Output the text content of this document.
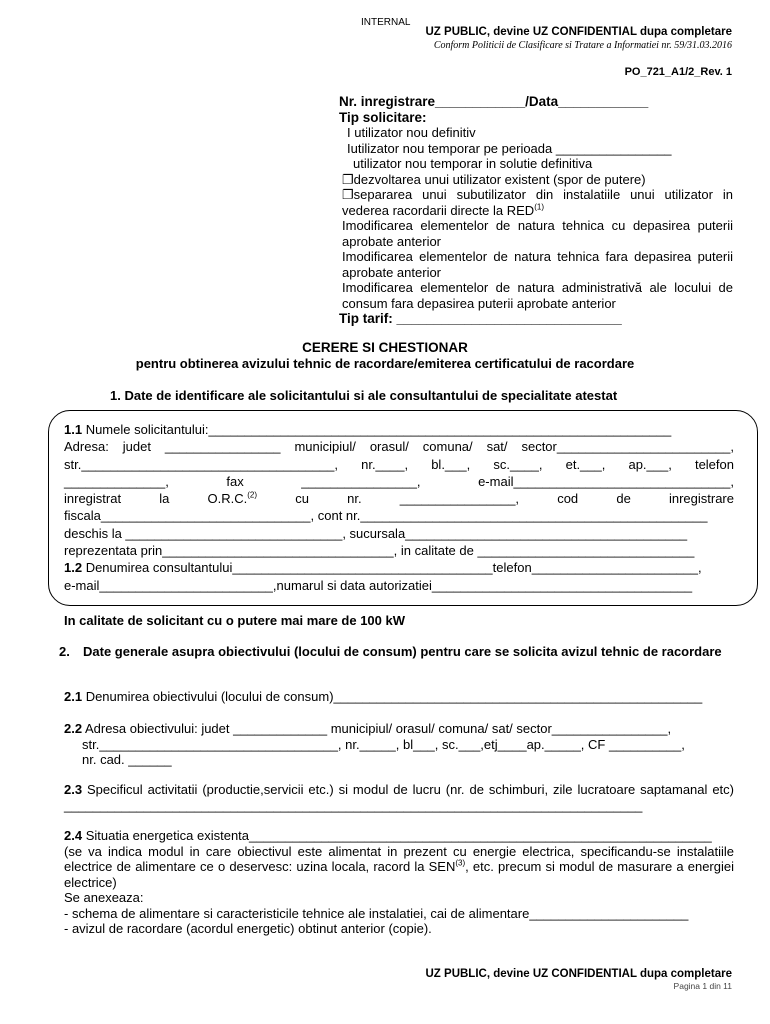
INTERNAL
UZ PUBLIC, devine UZ CONFIDENTIAL dupa completare
Conform Politicii de Clasificare si Tratare a Informatiei nr. 59/31.03.2016
PO_721_A1/2_Rev. 1
Nr. inregistrare____________/Data____________
Tip solicitare:
I utilizator nou definitiv
Iutilizator nou temporar pe perioada ________________
utilizator nou temporar in solutie definitiva
❐dezvoltarea unui utilizator existent (spor de putere)
❐separarea unui subutilizator din instalatiile unui utilizator in vederea racordarii directe la RED$^{(1)}$
Imodificarea elementelor de natura tehnica cu depasirea puterii aprobate anterior
Imodificarea elementelor de natura tehnica fara depasirea puterii aprobate anterior
Imodificarea elementelor de natura administrativă ale locului de consum fara depasirea puterii aprobate anterior
Tip tarif: ______________________________
CERERE SI CHESTIONAR
pentru obtinerea avizului tehnic de racordare/emiterea certificatului de racordare
1. Date de identificare ale solicitantului si ale consultantului de specialitate atestat
1.1 Numele solicitantului:________________________________________________________________
Adresa: judet ________________ municipiul/ orasul/ comuna/ sat/ sector________________________,
str.___________________________________, nr.____, bl.___, sc.____, et.___, ap.___, telefon
______________, fax ________________, e-mail______________________________,
inregistrat la O.R.C.$^{(2)}$ cu nr. ________________, cod de inregistrare
fiscala_____________________________, cont nr.________________________________________________
deschis la ______________________________, sucursala_______________________________________
reprezentata prin________________________________, in calitate de ______________________________
1.2 Denumirea consultantului____________________________________telefon_______________________,
e-mail________________________,numarul si data autorizatiei____________________________________
In calitate de solicitant cu o putere mai mare de 100 kW
2. Date generale asupra obiectivului (locului de consum) pentru care se solicita avizul tehnic de racordare
2.1 Denumirea obiectivului (locului de consum)___________________________________________________
2.2 Adresa obiectivului: judet _____________ municipiul/ orasul/ comuna/ sat/ sector________________,
str._________________________________, nr._____, bl___, sc.___,etj____ap._____, CF __________,
nr. cad. ______
2.3 Specificul activitatii (productie,servicii etc.) si modul de lucru (nr. de schimburi, zile lucratoare saptamanal etc) ________________________________________________________________________________
2.4 Situatia energetica existenta________________________________________________________________
(se va indica modul in care obiectivul este alimentat in prezent cu energie electrica, specificandu-se instalatiile electrice de alimentare ce o deservesc: uzina locala, racord la SEN$^{(3)}$, etc. precum si modul de masurare a energiei electrice)
Se anexeaza:
- schema de alimentare si caracteristicile tehnice ale instalatiei, cai de alimentare______________________
- avizul de racordare (acordul energetic) obtinut anterior (copie).
UZ PUBLIC, devine UZ CONFIDENTIAL dupa completare
Pagina 1 din 11
